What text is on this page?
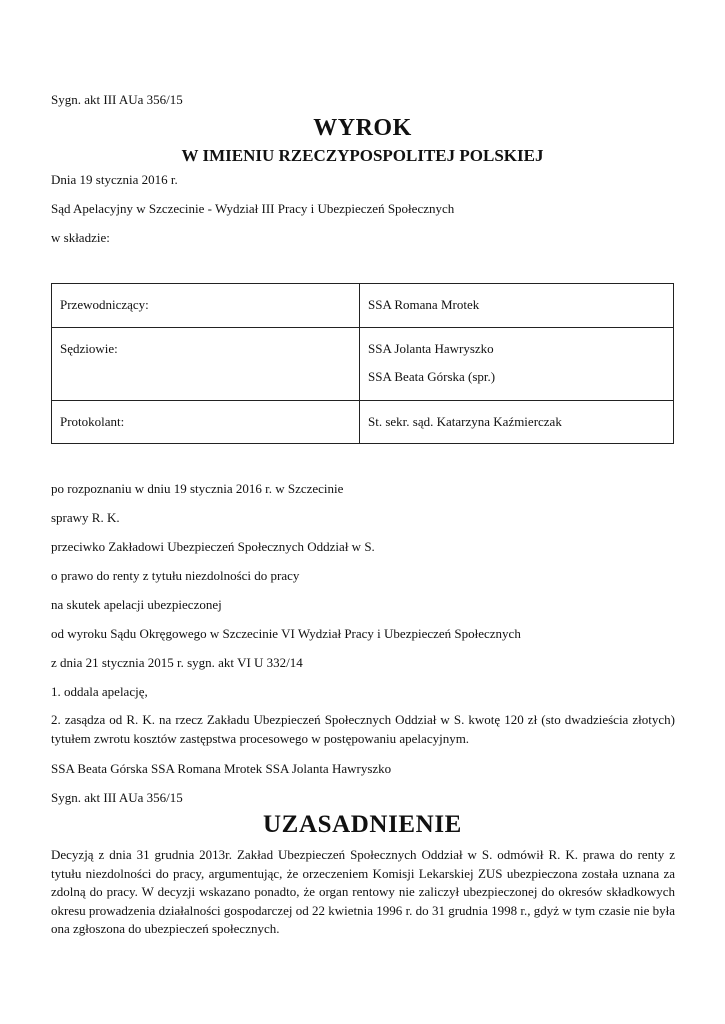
Sygn. akt III AUa 356/15

WYROK
W IMIENIU RZECZYPOSPOLITEJ POLSKIEJ

Dnia 19 stycznia 2016 r.

Sąd Apelacyjny w Szczecinie - Wydział III Pracy i Ubezpieczeń Społecznych

w składzie:

Przewodniczący:	SSA Romana Mrotek
Sędziowie:	SSA Jolanta Hawryszko
SSA Beata Górska (spr.)

Protokolant:	St. sekr. sąd. Katarzyna Kaźmierczak

po rozpoznaniu w dniu 19 stycznia 2016 r. w Szczecinie

sprawy R. K.

przeciwko Zakładowi Ubezpieczeń Społecznych Oddział w S.

o prawo do renty z tytułu niezdolności do pracy

na skutek apelacji ubezpieczonej

od wyroku Sądu Okręgowego w Szczecinie VI Wydział Pracy i Ubezpieczeń Społecznych

z dnia 21 stycznia 2015 r. sygn. akt VI U 332/14

1. oddala apelację,

2. zasądza od R. K. na rzecz Zakładu Ubezpieczeń Społecznych Oddział w S. kwotę 120 zł (sto dwadzieścia złotych) tytułem zwrotu kosztów zastępstwa procesowego w postępowaniu apelacyjnym.

SSA Beata Górska SSA Romana Mrotek SSA Jolanta Hawryszko

Sygn. akt III AUa 356/15

UZASADNIENIE

Decyzją z dnia 31 grudnia 2013r. Zakład Ubezpieczeń Społecznych Oddział w S. odmówił R. K. prawa do renty z tytułu niezdolności do pracy, argumentując, że orzeczeniem Komisji Lekarskiej ZUS ubezpieczona została uznana za zdolną do pracy. W decyzji wskazano ponadto, że organ rentowy nie zaliczył ubezpieczonej do okresów składkowych okresu prowadzenia działalności gospodarczej od 22 kwietnia 1996 r. do 31 grudnia 1998 r., gdyż w tym czasie nie była ona zgłoszona do ubezpieczeń społecznych.
